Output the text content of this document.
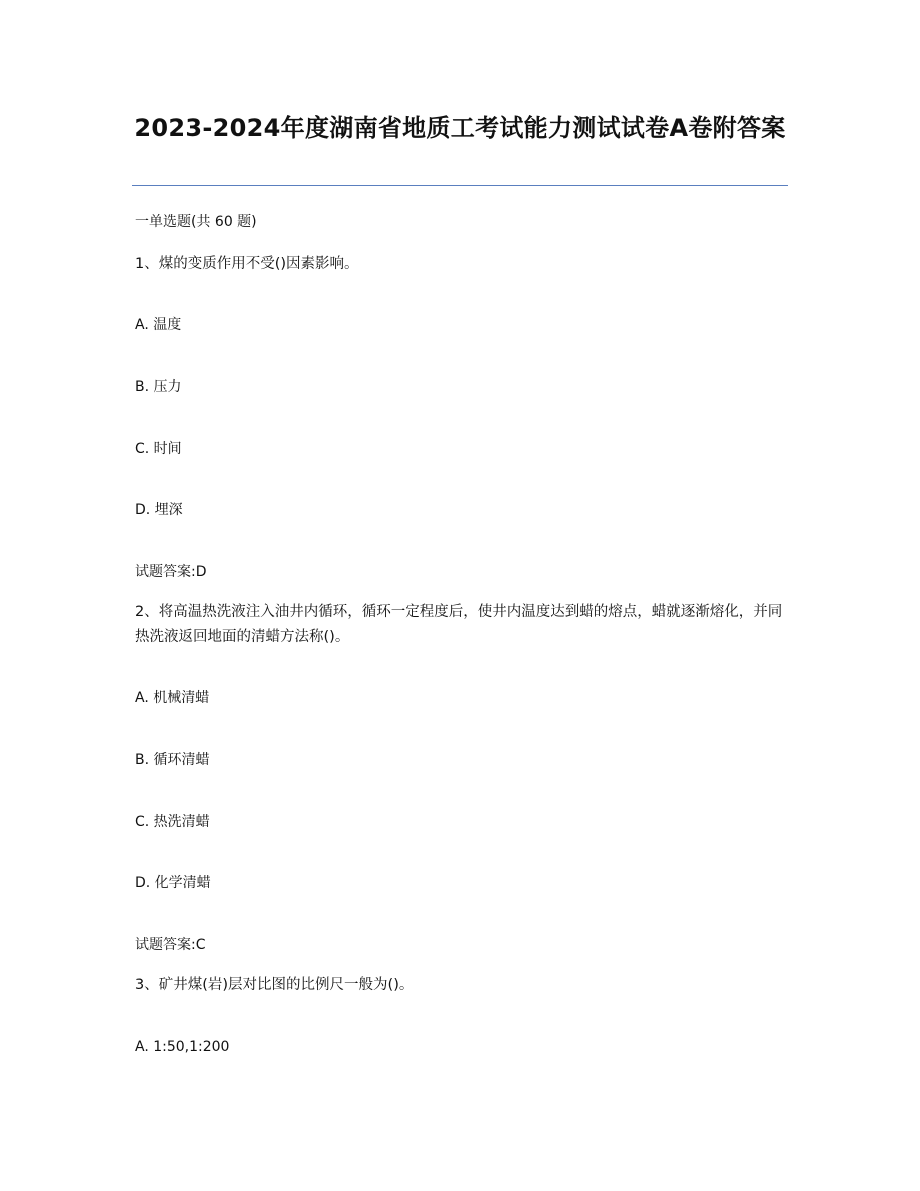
2023-2024年度湖南省地质工考试能力测试试卷A卷附答案
一单选题(共 60 题)
1、煤的变质作用不受()因素影响。
A. 温度
B. 压力
C. 时间
D. 埋深
试题答案:D
2、将高温热洗液注入油井内循环，循环一定程度后，使井内温度达到蜡的熔点，蜡就逐渐熔化，并同热洗液返回地面的清蜡方法称()。
A. 机械清蜡
B. 循环清蜡
C. 热洗清蜡
D. 化学清蜡
试题答案:C
3、矿井煤(岩)层对比图的比例尺一般为()。
A. 1:50,1:200
